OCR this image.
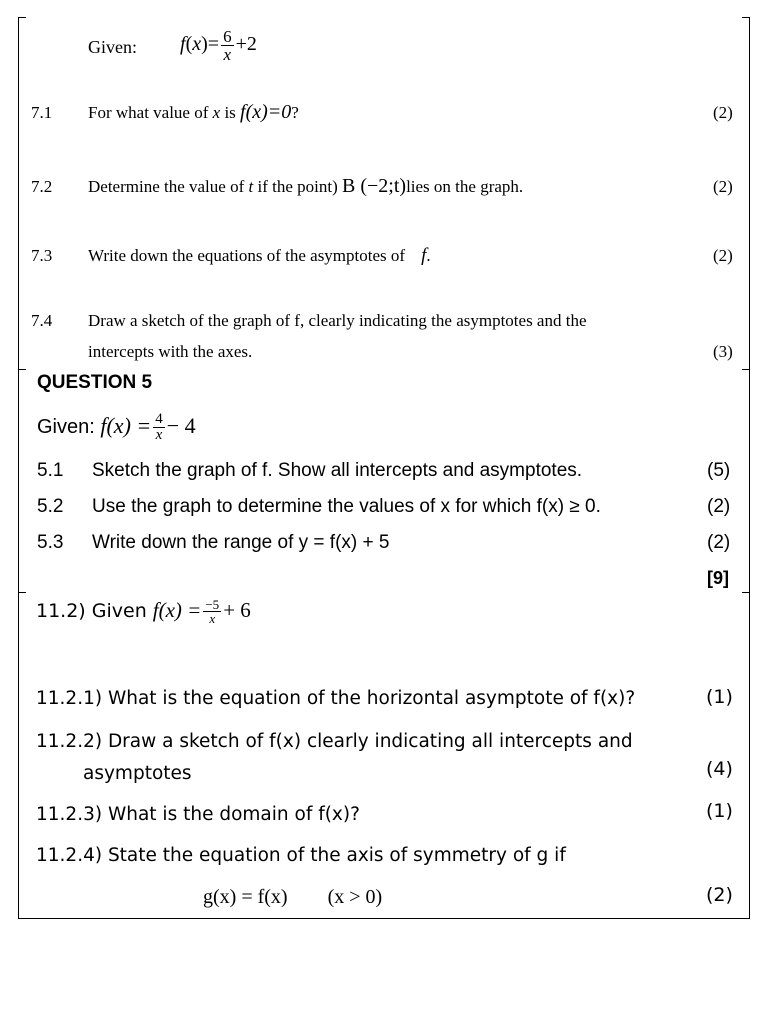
Given: $f(x)= \frac{6}{x} +2$
7.1 For what value of x is f(x)=0?	(2)
7.2 Determine the value of t if the point) B (−2;t)lies on the graph.	(2)
7.3 Write down the equations of the asymptotes of f.	(2)
7.4 Draw a sketch of the graph of f, clearly indicating the asymptotes and the
intercepts with the axes.	(3)
QUESTION 5
Given: $f(x) = \frac{4}{x} - 4$
5.1 Sketch the graph of f. Show all intercepts and asymptotes.	(5)
5.2 Use the graph to determine the values of x for which f(x) ≥ 0.	(2)
5.3 Write down the range of y = f(x) + 5	(2)
[9]
11.2) Given $f(x) = \frac{-5}{x} + 6$
11.2.1) What is the equation of the horizontal asymptote of f(x)?	(1)
11.2.2) Draw a sketch of f(x) clearly indicating all intercepts and
asymptotes	(4)
11.2.3) What is the domain of f(x)?	(1)
11.2.4) State the equation of the axis of symmetry of g if
g(x) = f(x)        (x > 0)	(2)
